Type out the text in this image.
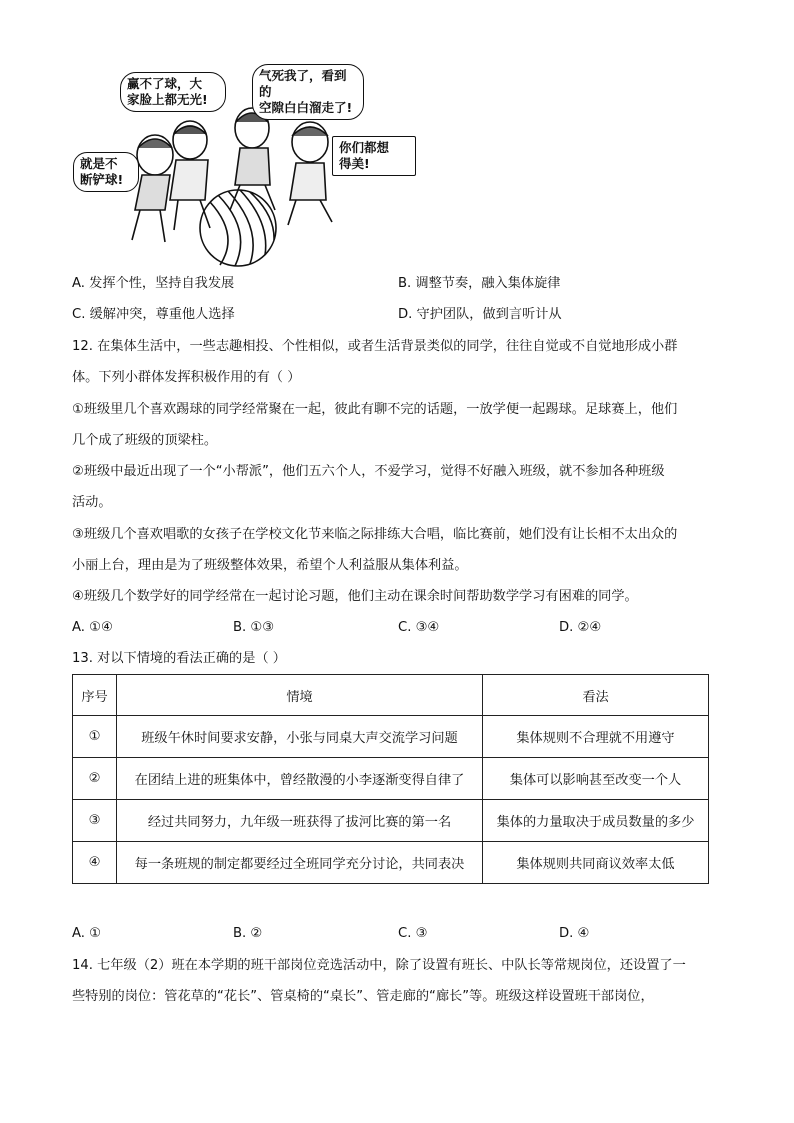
赢不了球，大
家脸上都无光!
气死我了，看到的
空隙白白溜走了!
你们都想
得美!
就是不
断铲球!
A. 发挥个性，坚持自我发展	B. 调整节奏，融入集体旋律
C. 缓解冲突，尊重他人选择	D. 守护团队，做到言听计从
12. 在集体生活中，一些志趣相投、个性相似，或者生活背景类似的同学，往往自觉或不自觉地形成小群
体。下列小群体发挥积极作用的有（ ）
①班级里几个喜欢踢球的同学经常聚在一起，彼此有聊不完的话题，一放学便一起踢球。足球赛上，他们
几个成了班级的顶梁柱。
②班级中最近出现了一个“小帮派”，他们五六个人，不爱学习，觉得不好融入班级，就不参加各种班级
活动。
③班级几个喜欢唱歌的女孩子在学校文化节来临之际排练大合唱，临比赛前，她们没有让长相不太出众的
小丽上台，理由是为了班级整体效果，希望个人利益服从集体利益。
④班级几个数学好的同学经常在一起讨论习题，他们主动在课余时间帮助数学学习有困难的同学。
A. ①④	B. ①③	C. ③④	D. ②④
13. 对以下情境的看法正确的是（ ）
序号	情境	看法
①	班级午休时间要求安静，小张与同桌大声交流学习问题	集体规则不合理就不用遵守
②	在团结上进的班集体中，曾经散漫的小李逐渐变得自律了	集体可以影响甚至改变一个人
③	经过共同努力，九年级一班获得了拔河比赛的第一名	集体的力量取决于成员数量的多少
④	每一条班规的制定都要经过全班同学充分讨论，共同表决	集体规则共同商议效率太低
A. ①	B. ②	C. ③	D. ④
14. 七年级（2）班在本学期的班干部岗位竞选活动中，除了设置有班长、中队长等常规岗位，还设置了一
些特别的岗位：管花草的“花长”、管桌椅的“桌长”、管走廊的“廊长”等。班级这样设置班干部岗位，
